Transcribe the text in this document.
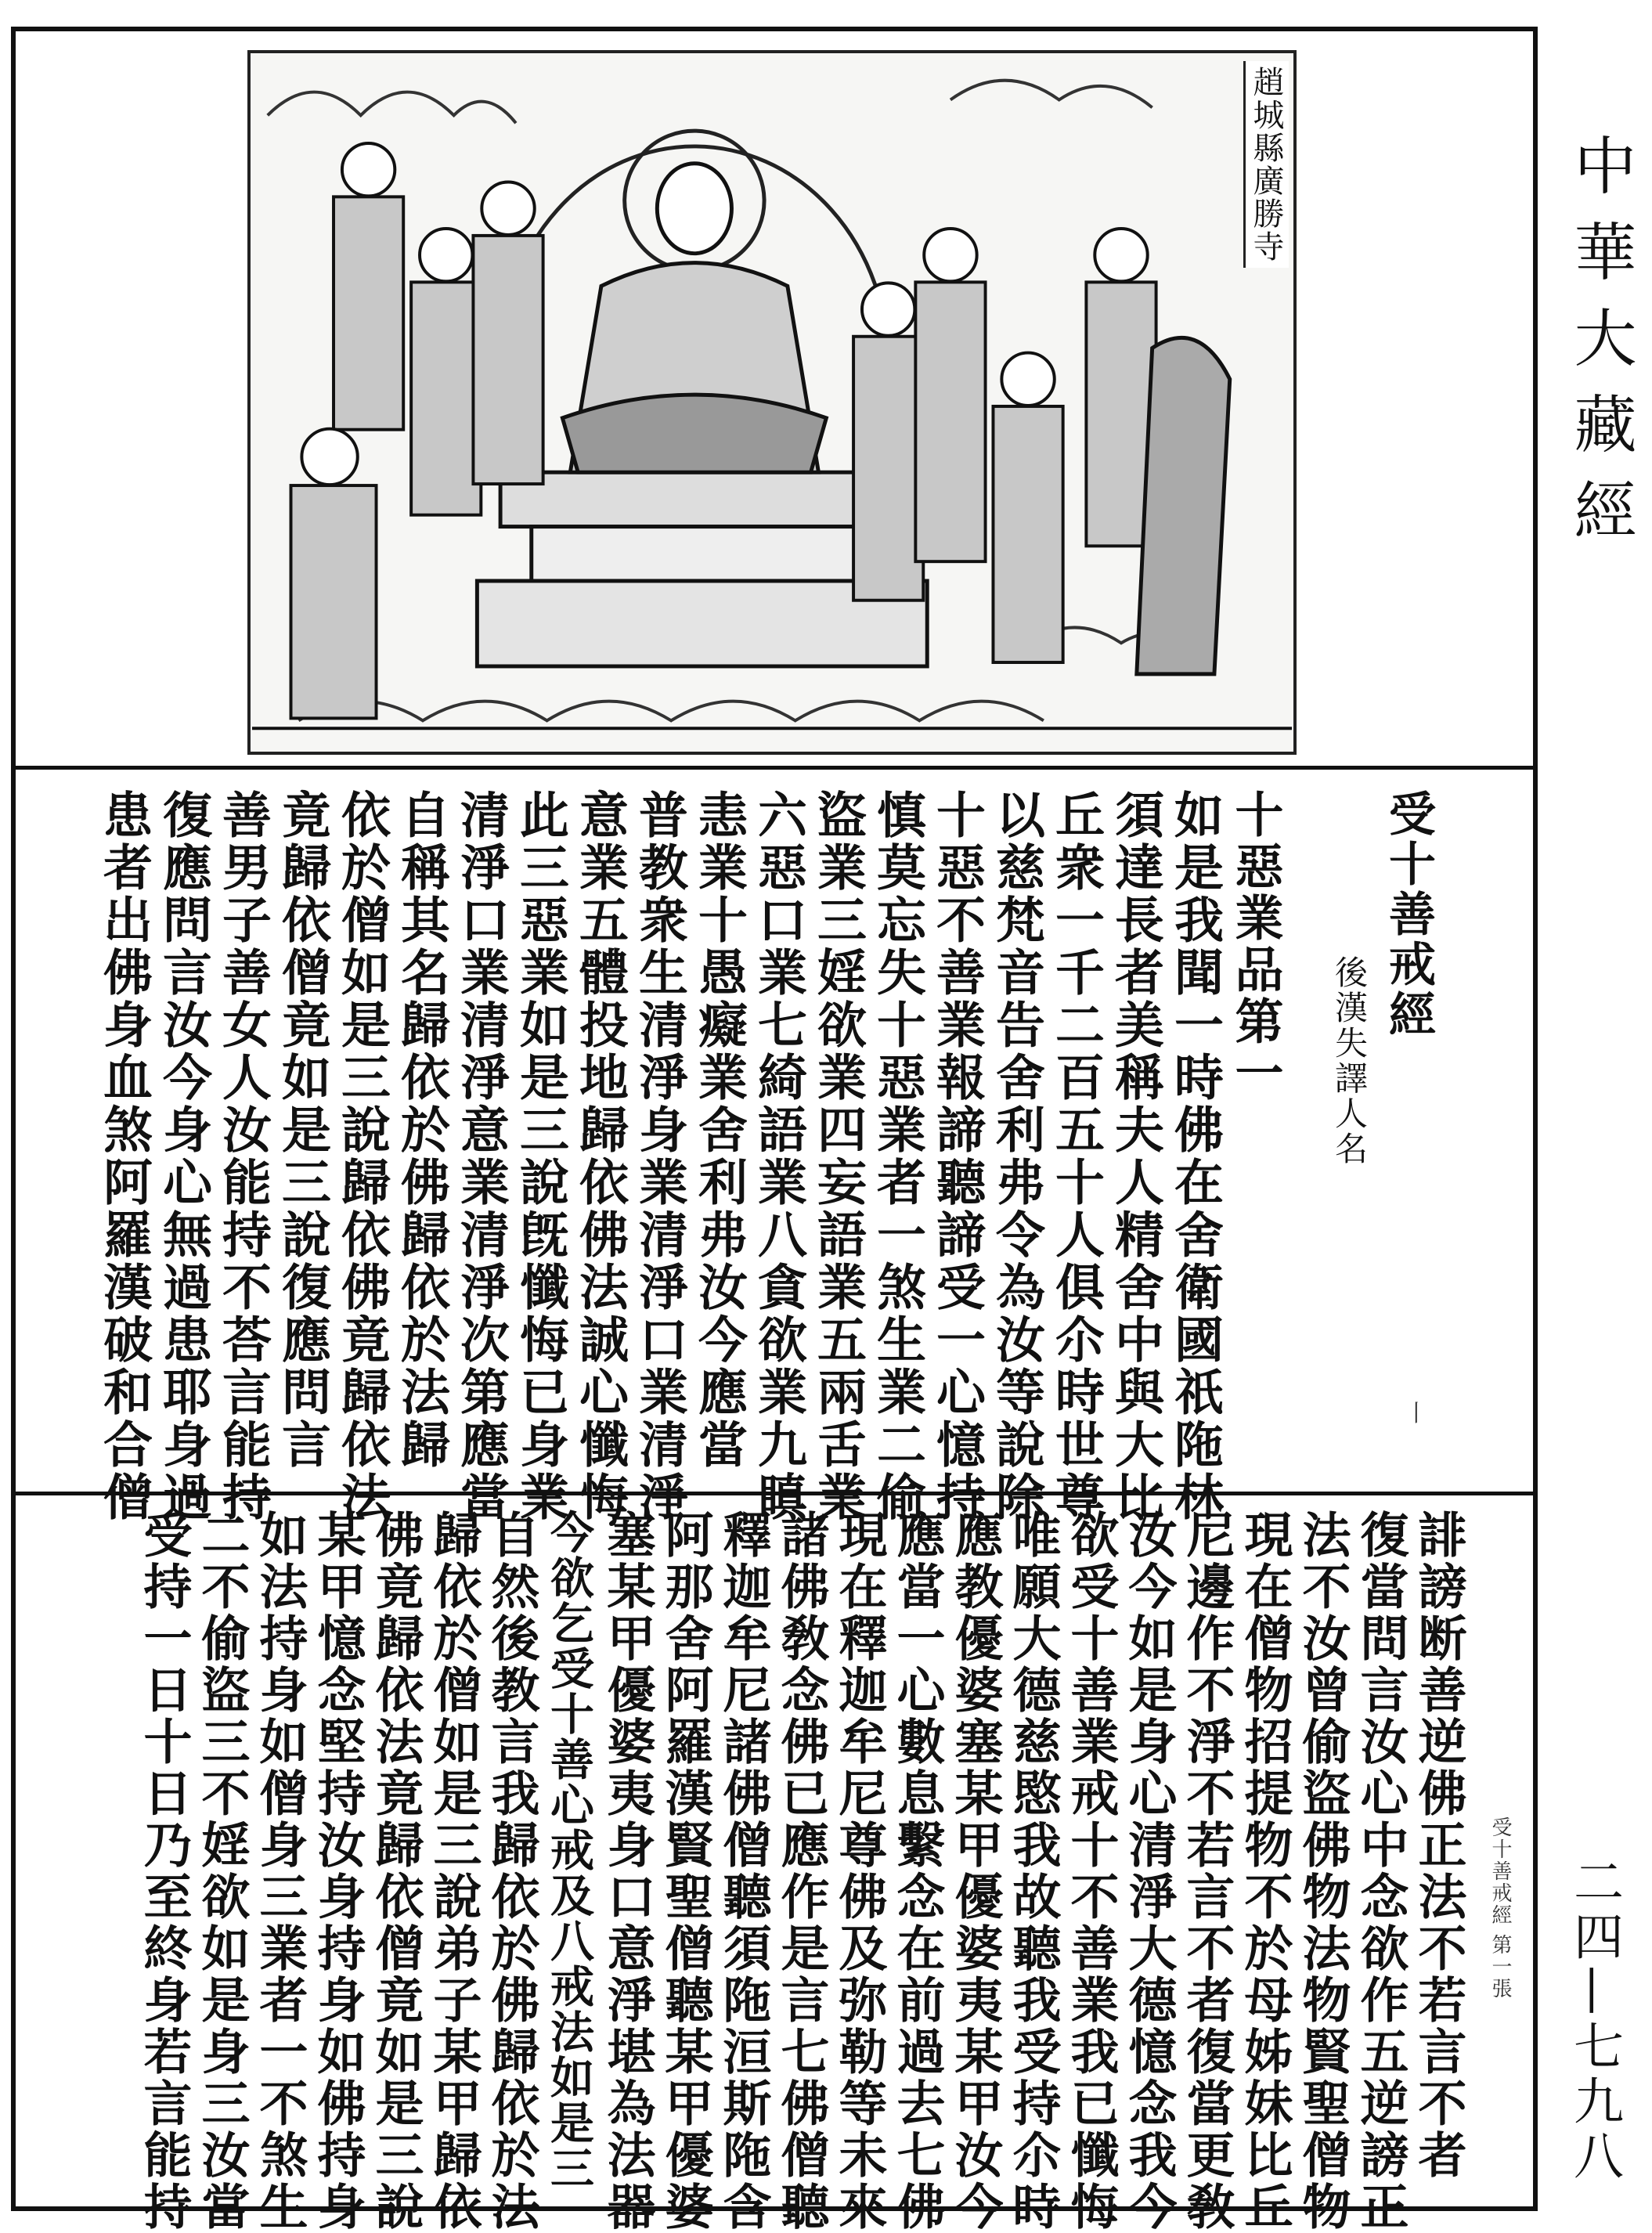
趙城縣廣勝寺
受十善戒經
後漢失譯人名
十惡業品第一
如是我聞一時佛在舍衛國祇陁林
須達長者美稱夫人精舍中與大比
丘衆一千二百五十人俱尒時世尊
以慈梵音告舍利弗令為汝等說除
十惡不善業報諦聽諦受一心憶持
慎莫忘失十惡業者一煞生業二偷
盜業三婬欲業四妄語業五兩舌業
六惡口業七綺語業八貪欲業九瞋
恚業十愚癡業舍利弗汝今應當
普教衆生清淨身業清淨口業清淨
意業五體投地歸依佛法誠心懺悔
此三惡業如是三說旣懺悔已身業
清淨口業清淨意業清淨次第應當
自稱其名歸依於佛歸依於法歸
依於僧如是三說歸依佛竟歸依法
竟歸依僧竟如是三說復應問言
善男子善女人汝能持不荅言能持
復應問言汝今身心無過患耶身過
患者出佛身血煞阿羅漢破和合僧	丨
誹謗断善逆佛正法不若言不者
復當問言汝心中念欲作五逆謗正
法不汝曾偷盜佛物法物賢聖僧物
現在僧物招提物不於母姊妹比丘
尼邊作不淨不若言不者復當更敎
汝今如是身心清淨大德憶念我今
欲受十善業戒十不善業我已懺悔
唯願大德慈愍我故聽我受持尒時
應教優婆塞某甲優婆夷某甲汝今
應當一心數息繫念在前過去七佛
現在釋迦牟尼尊佛及弥勒等未來
諸佛敎念佛已應作是言七佛僧聽
釋迦牟尼諸佛僧聽須陁洹斯陁含
阿那舍阿羅漢賢聖僧聽某甲優婆
塞某甲優婆夷身口意淨堪為法器
今欲乞受十善心戒及八戒法如是三
自然後教言我歸依於佛歸依於法
歸依於僧如是三說弟子某甲歸依
佛竟歸依法竟歸依僧竟如是三說
某甲憶念堅持汝身持身如佛持身
如法持身如僧身三業者一不煞生
二不偷盜三不婬欲如是身三汝當
受持一日十日乃至終身若言能持	受十善戒經 第一張
中華大藏經
二四—七九八
